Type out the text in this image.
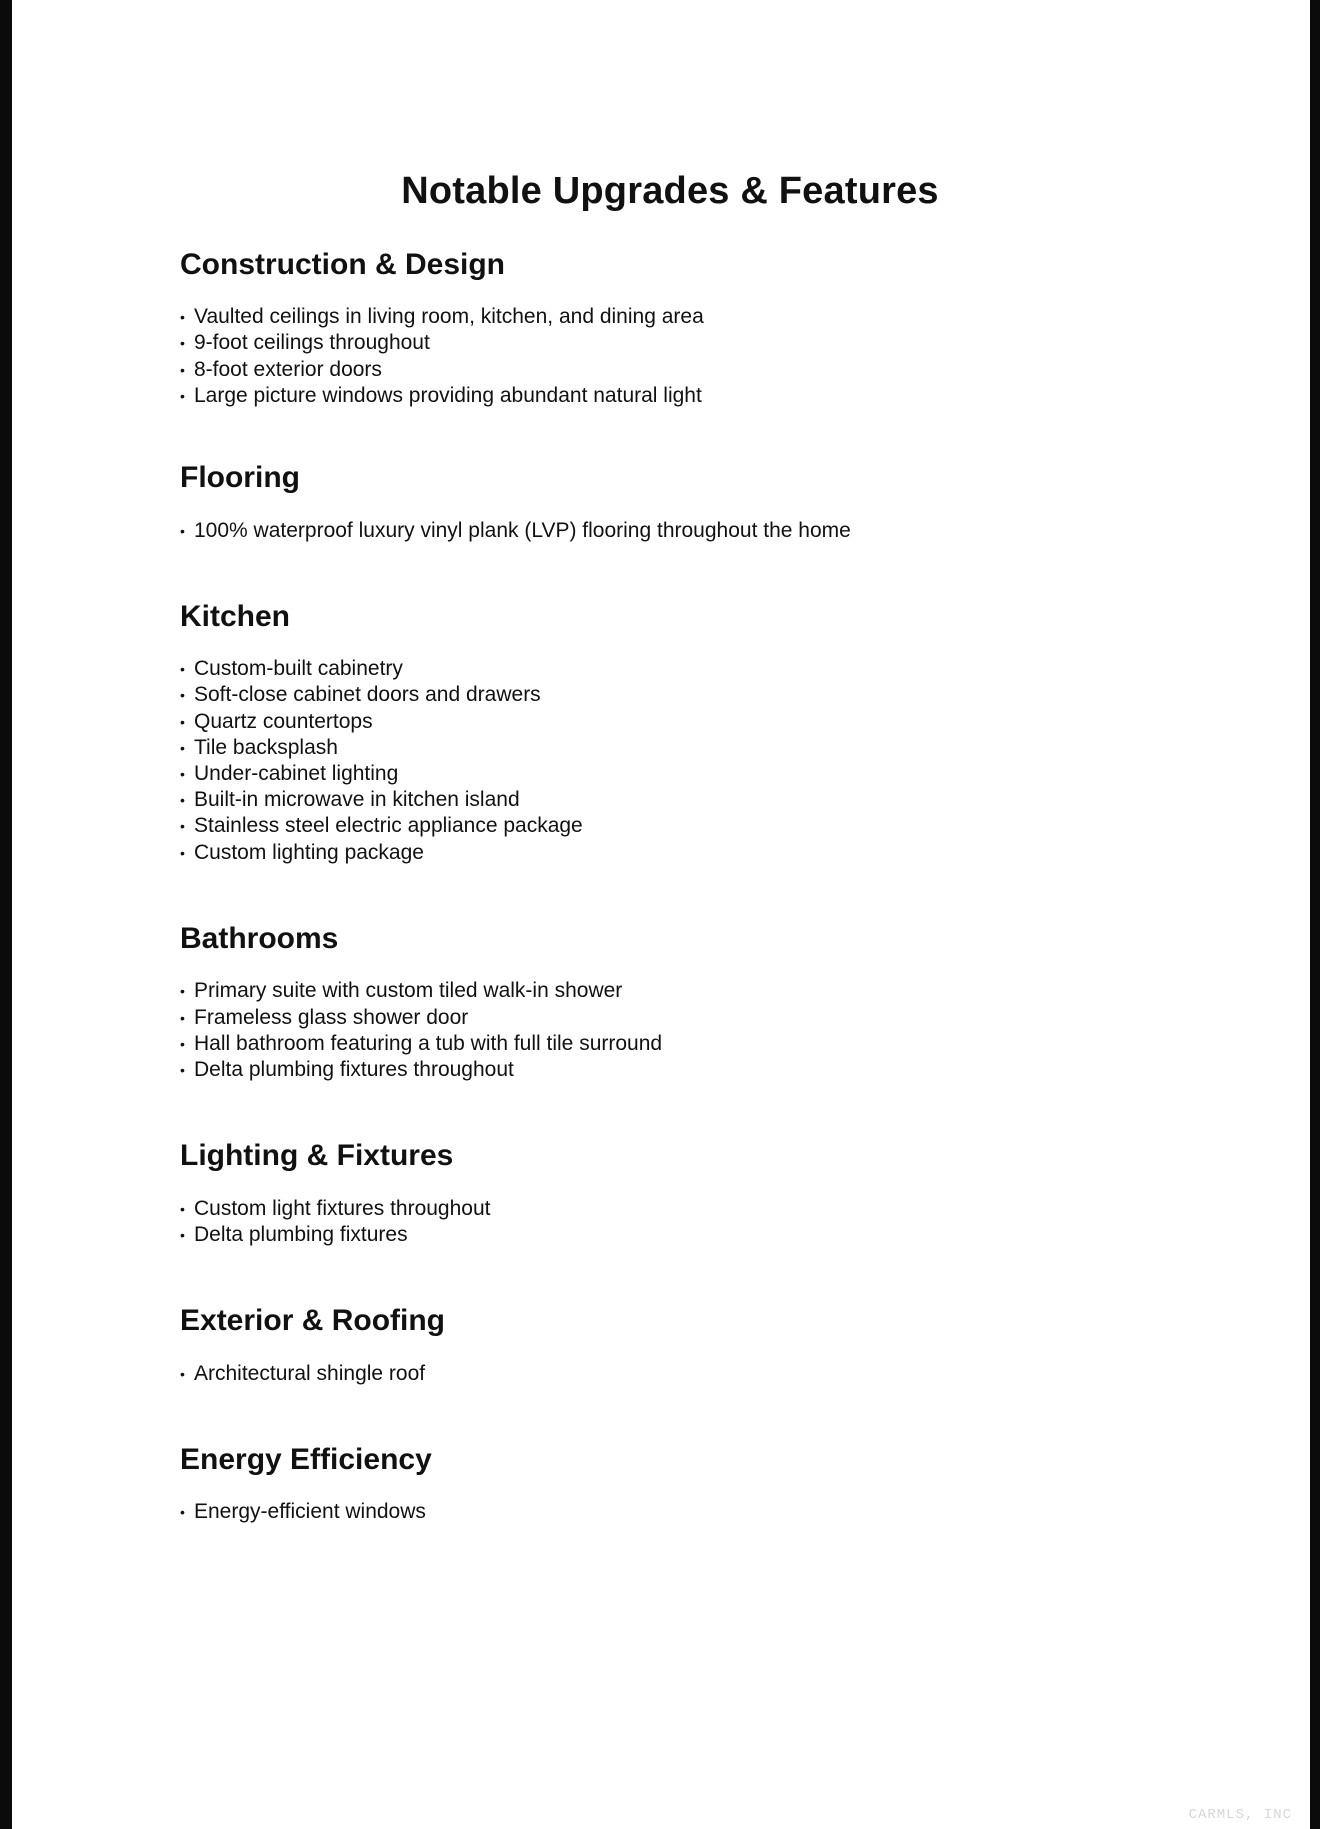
Notable Upgrades & Features
Construction & Design
• Vaulted ceilings in living room, kitchen, and dining area
• 9-foot ceilings throughout
• 8-foot exterior doors
• Large picture windows providing abundant natural light
Flooring
• 100% waterproof luxury vinyl plank (LVP) flooring throughout the home
Kitchen
• Custom-built cabinetry
• Soft-close cabinet doors and drawers
• Quartz countertops
• Tile backsplash
• Under-cabinet lighting
• Built-in microwave in kitchen island
• Stainless steel electric appliance package
• Custom lighting package
Bathrooms
• Primary suite with custom tiled walk-in shower
• Frameless glass shower door
• Hall bathroom featuring a tub with full tile surround
• Delta plumbing fixtures throughout
Lighting & Fixtures
• Custom light fixtures throughout
• Delta plumbing fixtures
Exterior & Roofing
• Architectural shingle roof
Energy Efficiency
• Energy-efficient windows
CARMLS, INC
